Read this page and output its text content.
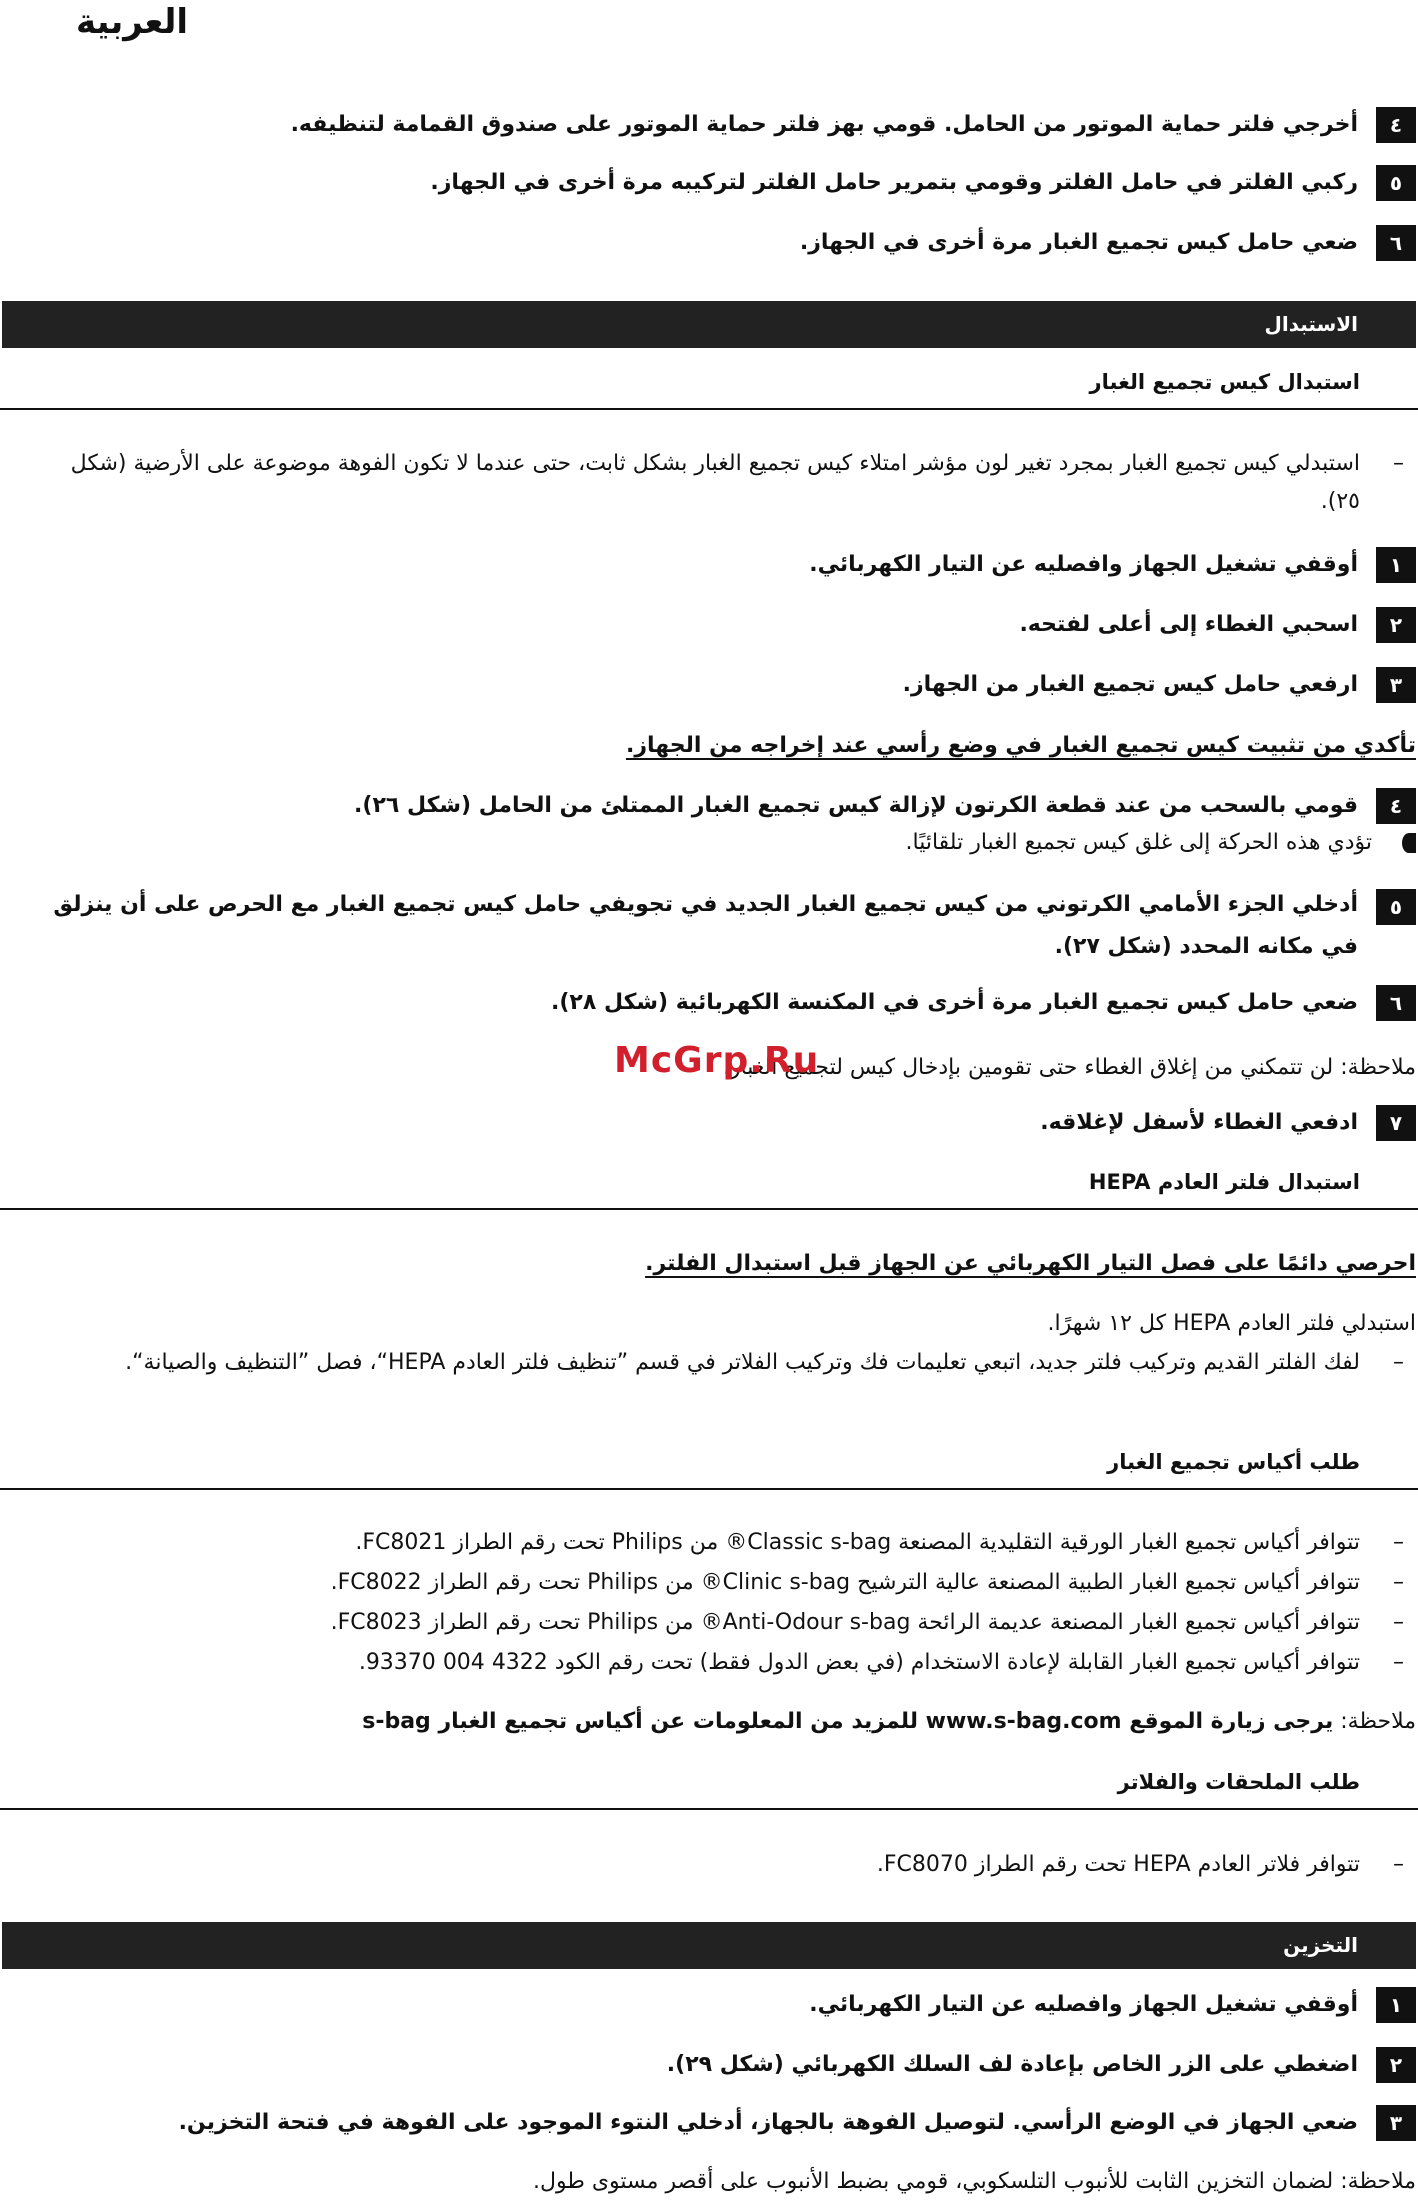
العربية
٤
أخرجي فلتر حماية الموتور من الحامل. قومي بهز فلتر حماية الموتور على صندوق القمامة لتنظيفه.
٥
ركبي الفلتر في حامل الفلتر وقومي بتمرير حامل الفلتر لتركيبه مرة أخرى في الجهاز.
٦
ضعي حامل كيس تجميع الغبار مرة أخرى في الجهاز.
الاستبدال
استبدال كيس تجميع الغبار
–
استبدلي كيس تجميع الغبار بمجرد تغير لون مؤشر امتلاء كيس تجميع الغبار بشكل ثابت، حتى عندما لا تكون الفوهة موضوعة على الأرضية (شكل ٢٥).
١
أوقفي تشغيل الجهاز وافصليه عن التيار الكهربائي.
٢
اسحبي الغطاء إلى أعلى لفتحه.
٣
ارفعي حامل كيس تجميع الغبار من الجهاز.
تأكدي من تثبيت كيس تجميع الغبار في وضع رأسي عند إخراجه من الجهاز.
٤
قومي بالسحب من عند قطعة الكرتون لإزالة كيس تجميع الغبار الممتلئ من الحامل (شكل ٢٦).
تؤدي هذه الحركة إلى غلق كيس تجميع الغبار تلقائيًا.
٥
أدخلي الجزء الأمامي الكرتوني من كيس تجميع الغبار الجديد في تجويفي حامل كيس تجميع الغبار مع الحرص على أن ينزلق في مكانه المحدد (شكل ٢٧).
٦
ضعي حامل كيس تجميع الغبار مرة أخرى في المكنسة الكهربائية (شكل ٢٨).
ملاحظة: لن تتمكني من إغلاق الغطاء حتى تقومين بإدخال كيس لتجميع الغبار.
McGrp.Ru
٧
ادفعي الغطاء لأسفل لإغلاقه.
استبدال فلتر العادم HEPA
احرصي دائمًا على فصل التيار الكهربائي عن الجهاز قبل استبدال الفلتر.
استبدلي فلتر العادم HEPA كل ١٢ شهرًا.
–
لفك الفلتر القديم وتركيب فلتر جديد، اتبعي تعليمات فك وتركيب الفلاتر في قسم ”تنظيف فلتر العادم HEPA“، فصل ”التنظيف والصيانة“.
طلب أكياس تجميع الغبار
–
تتوافر أكياس تجميع الغبار الورقية التقليدية المصنعة Classic s-bag® من Philips تحت رقم الطراز FC8021.
–
تتوافر أكياس تجميع الغبار الطبية المصنعة عالية الترشيح Clinic s-bag® من Philips تحت رقم الطراز FC8022.
–
تتوافر أكياس تجميع الغبار المصنعة عديمة الرائحة Anti-Odour s-bag® من Philips تحت رقم الطراز FC8023.
–
تتوافر أكياس تجميع الغبار القابلة لإعادة الاستخدام (في بعض الدول فقط) تحت رقم الكود 4322 004 93370.
ملاحظة: يرجى زيارة الموقع www.s-bag.com للمزيد من المعلومات عن أكياس تجميع الغبار s-bag
طلب الملحقات والفلاتر
–
تتوافر فلاتر العادم HEPA تحت رقم الطراز FC8070.
التخزين
١
أوقفي تشغيل الجهاز وافصليه عن التيار الكهربائي.
٢
اضغطي على الزر الخاص بإعادة لف السلك الكهربائي (شكل ٢٩).
٣
ضعي الجهاز في الوضع الرأسي. لتوصيل الفوهة بالجهاز، أدخلي النتوء الموجود على الفوهة في فتحة التخزين.
ملاحظة: لضمان التخزين الثابت للأنبوب التلسكوبي، قومي بضبط الأنبوب على أقصر مستوى طول.
